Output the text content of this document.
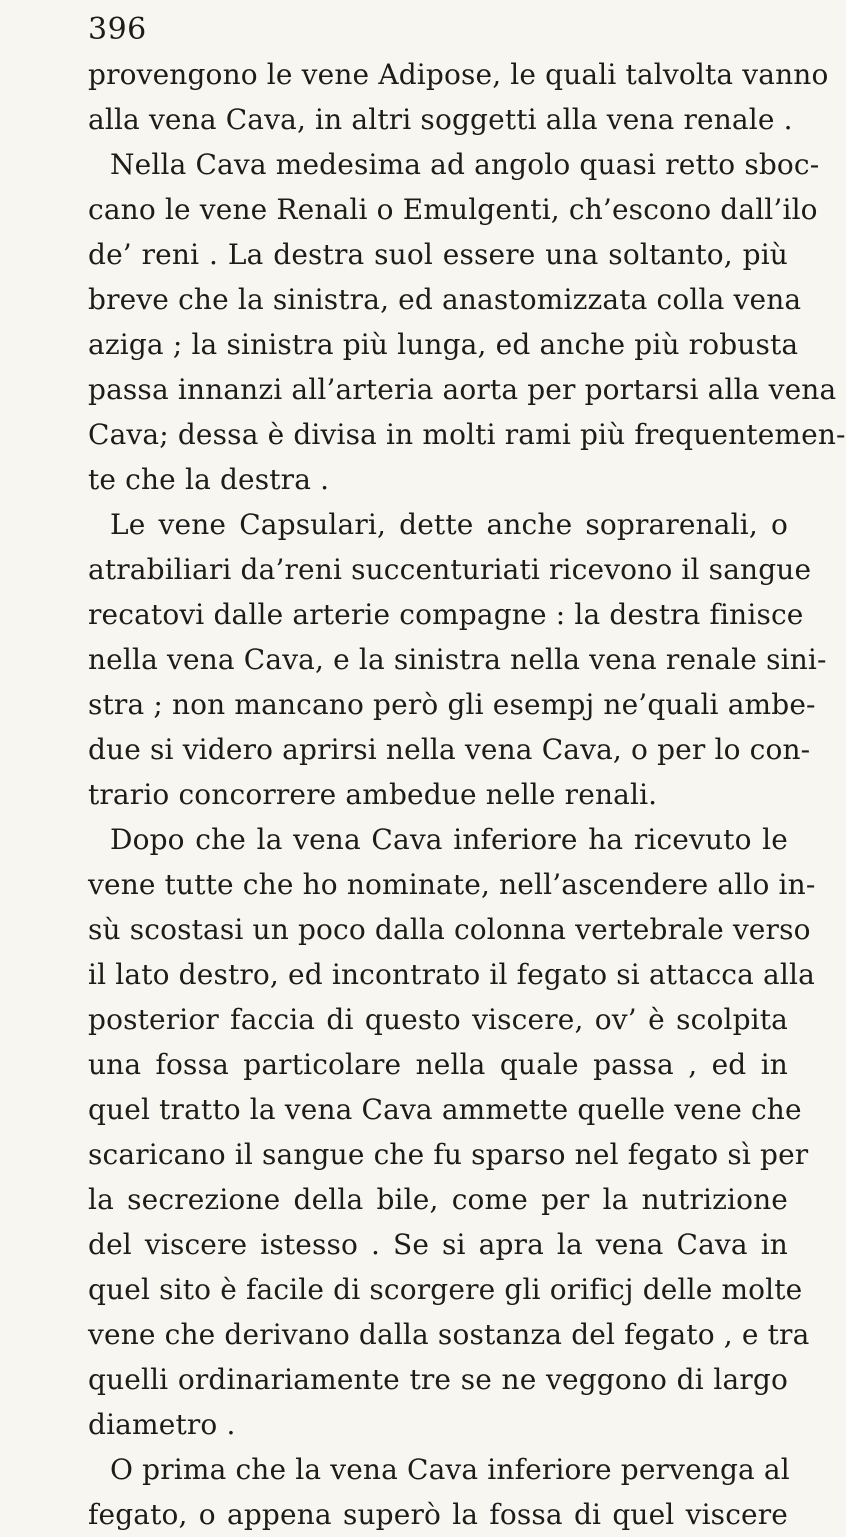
396
provengono le vene Adipose, le quali talvolta vanno
alla vena Cava, in altri soggetti alla vena renale .
Nella Cava medesima ad angolo quasi retto sboc-
cano le vene Renali o Emulgenti, ch’escono dall’ilo
de’ reni . La destra suol essere una soltanto, più
breve che la sinistra, ed anastomizzata colla vena
aziga ; la sinistra più lunga, ed anche più robusta
passa innanzi all’arteria aorta per portarsi alla vena
Cava; dessa è divisa in molti rami più frequentemen-
te che la destra .
Le vene Capsulari, dette anche soprarenali, o
atrabiliari da’reni succenturiati ricevono il sangue
recatovi dalle arterie compagne : la destra finisce
nella vena Cava, e la sinistra nella vena renale sini-
stra ; non mancano però gli esempj ne’quali ambe-
due si videro aprirsi nella vena Cava, o per lo con-
trario concorrere ambedue nelle renali.
Dopo che la vena Cava inferiore ha ricevuto le
vene tutte che ho nominate, nell’ascendere allo in-
sù scostasi un poco dalla colonna vertebrale verso
il lato destro, ed incontrato il fegato si attacca alla
posterior faccia di questo viscere, ov’ è scolpita
una fossa particolare nella quale passa , ed in
quel tratto la vena Cava ammette quelle vene che
scaricano il sangue che fu sparso nel fegato sì per
la secrezione della bile, come per la nutrizione
del viscere istesso . Se si apra la vena Cava in
quel sito è facile di scorgere gli orificj delle molte
vene che derivano dalla sostanza del fegato , e tra
quelli ordinariamente tre se ne veggono di largo
diametro .
O prima che la vena Cava inferiore pervenga al
fegato, o appena superò la fossa di quel viscere
